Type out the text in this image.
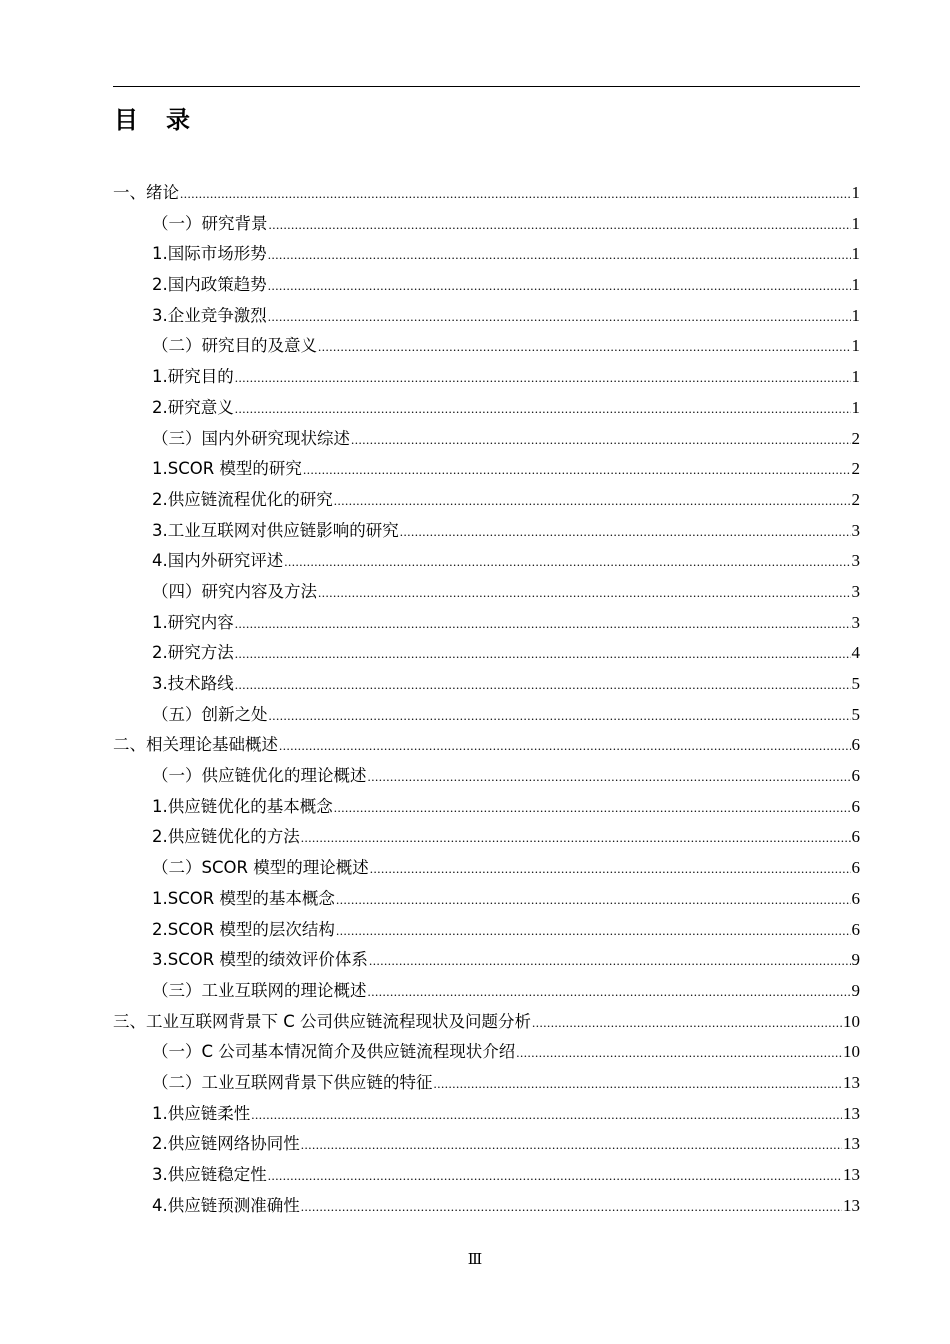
目 录
一、绪论 .....	1
（一）研究背景 .....	1
1.国际市场形势 .....	1
2.国内政策趋势 .....	1
3.企业竞争激烈 .....	1
（二）研究目的及意义 .....	1
1.研究目的 .....	1
2.研究意义 .....	1
（三）国内外研究现状综述 .....	2
1.SCOR 模型的研究 .....	2
2.供应链流程优化的研究 .....	2
3.工业互联网对供应链影响的研究 .....	3
4.国内外研究评述 .....	3
（四）研究内容及方法 .....	3
1.研究内容 .....	3
2.研究方法 .....	4
3.技术路线 .....	5
（五）创新之处 .....	5
二、相关理论基础概述 .....	6
（一）供应链优化的理论概述 .....	6
1.供应链优化的基本概念 .....	6
2.供应链优化的方法 .....	6
（二）SCOR 模型的理论概述 .....	6
1.SCOR 模型的基本概念 .....	6
2.SCOR 模型的层次结构 .....	6
3.SCOR 模型的绩效评价体系 .....	9
（三）工业互联网的理论概述 .....	9
三、工业互联网背景下 C 公司供应链流程现状及问题分析 .....	10
（一）C 公司基本情况简介及供应链流程现状介绍 .....	10
（二）工业互联网背景下供应链的特征 .....	13
1.供应链柔性 .....	13
2.供应链网络协同性 .....	13
3.供应链稳定性 .....	13
4.供应链预测准确性 .....	13
Ⅲ
